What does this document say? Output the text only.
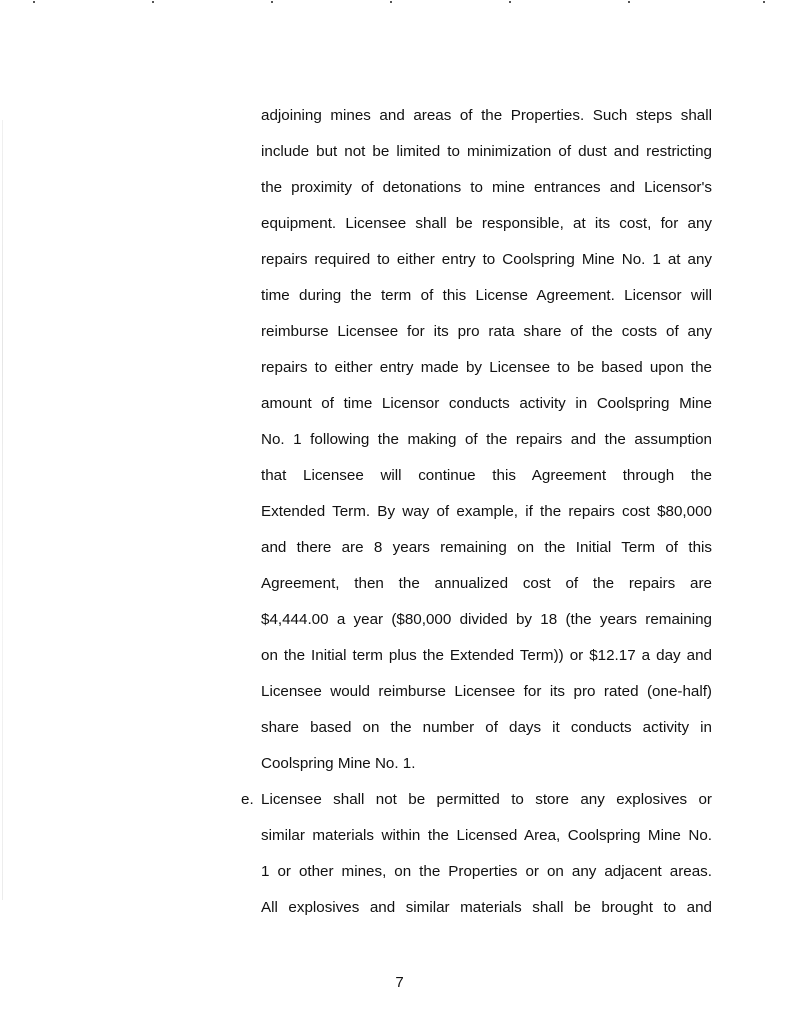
adjoining mines and areas of the Properties. Such steps shall
include but not be limited to minimization of dust and restricting
the proximity of detonations to mine entrances and Licensor's
equipment. Licensee shall be responsible, at its cost, for any
repairs required to either entry to Coolspring Mine No. 1 at any
time during the term of this License Agreement. Licensor will
reimburse Licensee for its pro rata share of the costs of any
repairs to either entry made by Licensee to be based upon the
amount of time Licensor conducts activity in Coolspring Mine
No. 1 following the making of the repairs and the assumption
that Licensee will continue this Agreement through the
Extended Term. By way of example, if the repairs cost $80,000
and there are 8 years remaining on the Initial Term of this
Agreement, then the annualized cost of the repairs are
$4,444.00 a year ($80,000 divided by 18 (the years remaining
on the Initial term plus the Extended Term)) or $12.17 a day and
Licensee would reimburse Licensee for its pro rated (one-half)
share based on the number of days it conducts activity in
Coolspring Mine No. 1.
e. Licensee shall not be permitted to store any explosives or
similar materials within the Licensed Area, Coolspring Mine No.
1 or other mines, on the Properties or on any adjacent areas.
All explosives and similar materials shall be brought to and
7
